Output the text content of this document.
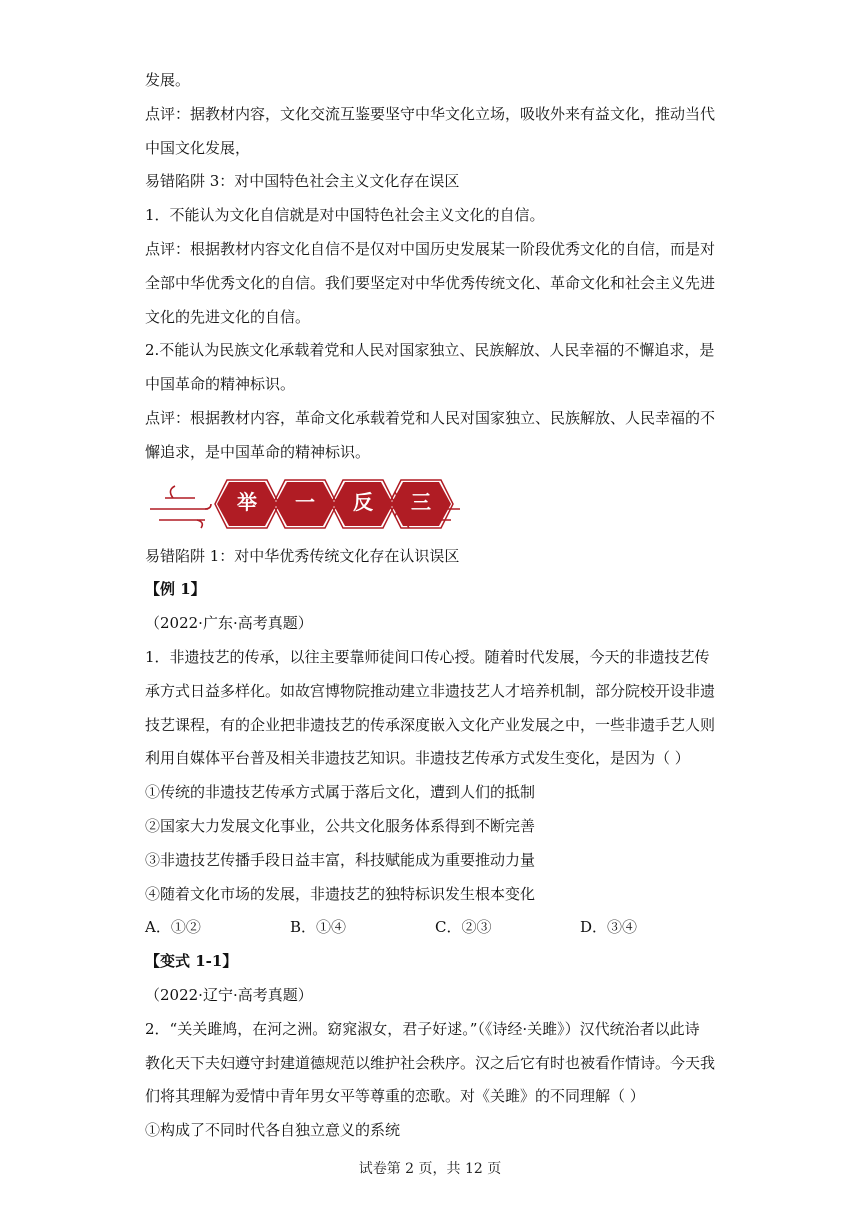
发展。
点评：据教材内容，文化交流互鉴要坚守中华文化立场，吸收外来有益文化，推动当代
中国文化发展，
易错陷阱 3：对中国特色社会主义文化存在误区
1．不能认为文化自信就是对中国特色社会主义文化的自信。
点评：根据教材内容文化自信不是仅对中国历史发展某一阶段优秀文化的自信，而是对
全部中华优秀文化的自信。我们要坚定对中华优秀传统文化、革命文化和社会主义先进
文化的先进文化的自信。
2.不能认为民族文化承载着党和人民对国家独立、民族解放、人民幸福的不懈追求，是
中国革命的精神标识。
点评：根据教材内容，革命文化承载着党和人民对国家独立、民族解放、人民幸福的不
懈追求，是中国革命的精神标识。
举	一	反	三
易错陷阱 1：对中华优秀传统文化存在认识误区
【例 1】
（2022·广东·高考真题）
1．非遗技艺的传承，以往主要靠师徒间口传心授。随着时代发展，今天的非遗技艺传
承方式日益多样化。如故宫博物院推动建立非遗技艺人才培养机制，部分院校开设非遗
技艺课程，有的企业把非遗技艺的传承深度嵌入文化产业发展之中，一些非遗手艺人则
利用自媒体平台普及相关非遗技艺知识。非遗技艺传承方式发生变化，是因为（ ）
①传统的非遗技艺传承方式属于落后文化，遭到人们的抵制
②国家大力发展文化事业，公共文化服务体系得到不断完善
③非遗技艺传播手段日益丰富，科技赋能成为重要推动力量
④随着文化市场的发展，非遗技艺的独特标识发生根本变化
A．①②	B．①④	C．②③	D．③④
【变式 1-1】
（2022·辽宁·高考真题）
2．“关关雎鸠，在河之洲。窈窕淑女，君子好逑。”（《诗经·关雎》）汉代统治者以此诗
教化天下夫妇遵守封建道德规范以维护社会秩序。汉之后它有时也被看作情诗。今天我
们将其理解为爱情中青年男女平等尊重的恋歌。对《关雎》的不同理解（ ）
①构成了不同时代各自独立意义的系统
试卷第 2 页，共 12 页
